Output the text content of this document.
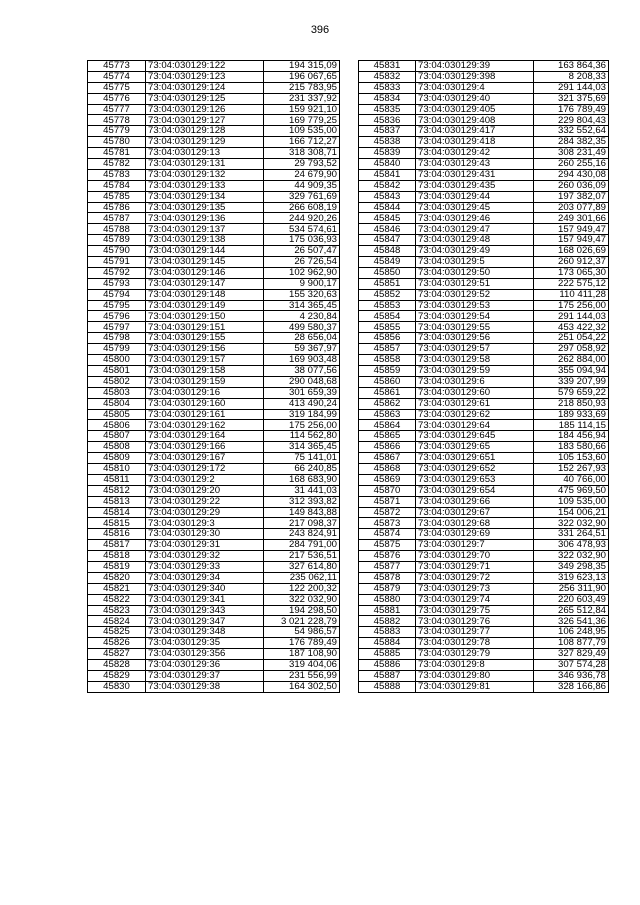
396
45773	73:04:030129:122	194 315,09
45774	73:04:030129:123	196 067,65
45775	73:04:030129:124	215 783,95
45776	73:04:030129:125	231 337,92
45777	73:04:030129:126	159 921,10
45778	73:04:030129:127	169 779,25
45779	73:04:030129:128	109 535,00
45780	73:04:030129:129	166 712,27
45781	73:04:030129:13	318 308,71
45782	73:04:030129:131	29 793,52
45783	73:04:030129:132	24 679,90
45784	73:04:030129:133	44 909,35
45785	73:04:030129:134	329 761,69
45786	73:04:030129:135	266 608,19
45787	73:04:030129:136	244 920,26
45788	73:04:030129:137	534 574,61
45789	73:04:030129:138	175 036,93
45790	73:04:030129:144	26 507,47
45791	73:04:030129:145	26 726,54
45792	73:04:030129:146	102 962,90
45793	73:04:030129:147	9 900,17
45794	73:04:030129:148	155 320,63
45795	73:04:030129:149	314 365,45
45796	73:04:030129:150	4 230,84
45797	73:04:030129:151	499 580,37
45798	73:04:030129:155	28 656,04
45799	73:04:030129:156	59 367,97
45800	73:04:030129:157	169 903,48
45801	73:04:030129:158	38 077,56
45802	73:04:030129:159	290 048,68
45803	73:04:030129:16	301 659,39
45804	73:04:030129:160	413 490,24
45805	73:04:030129:161	319 184,99
45806	73:04:030129:162	175 256,00
45807	73:04:030129:164	114 562,80
45808	73:04:030129:166	314 365,45
45809	73:04:030129:167	75 141,01
45810	73:04:030129:172	66 240,85
45811	73:04:030129:2	168 683,90
45812	73:04:030129:20	31 441,03
45813	73:04:030129:22	312 393,82
45814	73:04:030129:29	149 843,88
45815	73:04:030129:3	217 098,37
45816	73:04:030129:30	243 824,91
45817	73:04:030129:31	284 791,00
45818	73:04:030129:32	217 536,51
45819	73:04:030129:33	327 614,80
45820	73:04:030129:34	235 062,11
45821	73:04:030129:340	122 200,32
45822	73:04:030129:341	322 032,90
45823	73:04:030129:343	194 298,50
45824	73:04:030129:347	3 021 228,79
45825	73:04:030129:348	54 986,57
45826	73:04:030129:35	176 789,49
45827	73:04:030129:356	187 108,90
45828	73:04:030129:36	319 404,06
45829	73:04:030129:37	231 556,99
45830	73:04:030129:38	164 302,50
45831	73:04:030129:39	163 864,36
45832	73:04:030129:398	8 208,33
45833	73:04:030129:4	291 144,03
45834	73:04:030129:40	321 375,69
45835	73:04:030129:405	176 789,49
45836	73:04:030129:408	229 804,43
45837	73:04:030129:417	332 552,64
45838	73:04:030129:418	284 382,35
45839	73:04:030129:42	308 231,49
45840	73:04:030129:43	260 255,16
45841	73:04:030129:431	294 430,08
45842	73:04:030129:435	260 036,09
45843	73:04:030129:44	197 382,07
45844	73:04:030129:45	203 077,89
45845	73:04:030129:46	249 301,66
45846	73:04:030129:47	157 949,47
45847	73:04:030129:48	157 949,47
45848	73:04:030129:49	168 026,69
45849	73:04:030129:5	260 912,37
45850	73:04:030129:50	173 065,30
45851	73:04:030129:51	222 575,12
45852	73:04:030129:52	110 411,28
45853	73:04:030129:53	175 256,00
45854	73:04:030129:54	291 144,03
45855	73:04:030129:55	453 422,32
45856	73:04:030129:56	251 054,22
45857	73:04:030129:57	297 058,92
45858	73:04:030129:58	262 884,00
45859	73:04:030129:59	355 094,94
45860	73:04:030129:6	339 207,99
45861	73:04:030129:60	579 659,22
45862	73:04:030129:61	218 850,93
45863	73:04:030129:62	189 933,69
45864	73:04:030129:64	185 114,15
45865	73:04:030129:645	184 456,94
45866	73:04:030129:65	183 580,66
45867	73:04:030129:651	105 153,60
45868	73:04:030129:652	152 267,93
45869	73:04:030129:653	40 766,00
45870	73:04:030129:654	475 969,50
45871	73:04:030129:66	109 535,00
45872	73:04:030129:67	154 006,21
45873	73:04:030129:68	322 032,90
45874	73:04:030129:69	331 264,51
45875	73:04:030129:7	306 478,93
45876	73:04:030129:70	322 032,90
45877	73:04:030129:71	349 298,35
45878	73:04:030129:72	319 623,13
45879	73:04:030129:73	256 311,90
45880	73:04:030129:74	220 603,49
45881	73:04:030129:75	265 512,84
45882	73:04:030129:76	326 541,36
45883	73:04:030129:77	106 248,95
45884	73:04:030129:78	108 877,79
45885	73:04:030129:79	327 829,49
45886	73:04:030129:8	307 574,28
45887	73:04:030129:80	346 936,78
45888	73:04:030129:81	328 166,86
